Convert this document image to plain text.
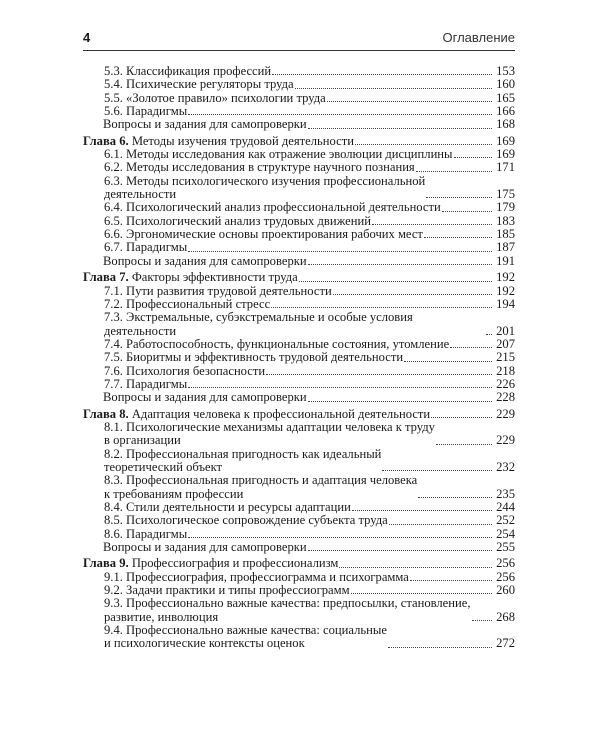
4	Оглавление
5.3. Классификация профессий	153
5.4. Психические регуляторы труда	160
5.5. «Золотое правило» психологии труда	165
5.6. Парадигмы	166
Вопросы и задания для самопроверки	168
Глава 6. Методы изучения трудовой деятельности	169
6.1. Методы исследования как отражение эволюции дисциплины	169
6.2. Методы исследования в структуре научного познания	171
6.3. Методы психологического изучения профессиональной
деятельности	175
6.4. Психологический анализ профессиональной деятельности	179
6.5. Психологический анализ трудовых движений	183
6.6. Эргономические основы проектирования рабочих мест	185
6.7. Парадигмы	187
Вопросы и задания для самопроверки	191
Глава 7. Факторы эффективности труда	192
7.1. Пути развития трудовой деятельности	192
7.2. Профессиональный стресс	194
7.3. Экстремальные, субэкстремальные и особые условия деятельности	201
7.4. Работоспособность, функциональные состояния, утомление	207
7.5. Биоритмы и эффективность трудовой деятельности	215
7.6. Психология безопасности	218
7.7. Парадигмы	226
Вопросы и задания для самопроверки	228
Глава 8. Адаптация человека к профессиональной деятельности	229
8.1. Психологические механизмы адаптации человека к труду
в организации	229
8.2. Профессиональная пригодность как идеальный
теоретический объект	232
8.3. Профессиональная пригодность и адаптация человека
к требованиям профессии	235
8.4. Стили деятельности и ресурсы адаптации	244
8.5. Психологическое сопровождение субъекта труда	252
8.6. Парадигмы	254
Вопросы и задания для самопроверки	255
Глава 9. Профессиография и профессионализм	256
9.1. Профессиография, профессиограмма и психограмма	256
9.2. Задачи практики и типы профессиограмм	260
9.3. Профессионально важные качества: предпосылки, становление,
развитие, инволюция	268
9.4. Профессионально важные качества: социальные
и психологические контексты оценок	272
